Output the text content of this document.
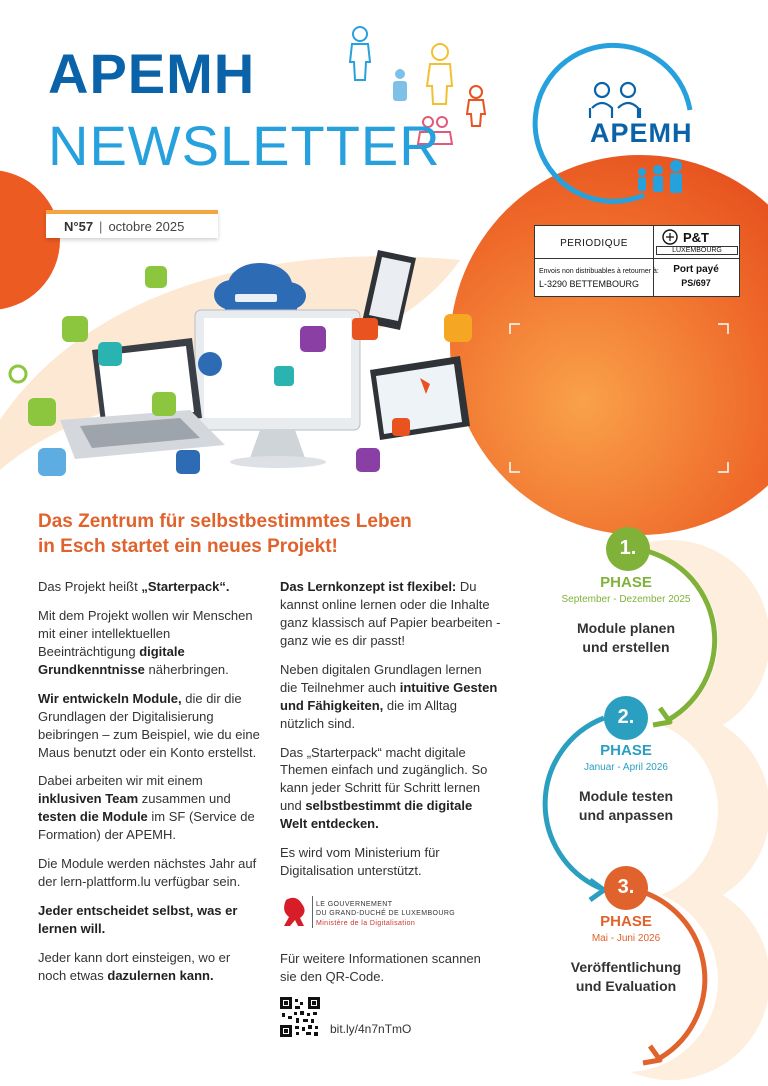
APEMH
NEWSLETTER	APEMH
N°57 | octobre 2025
PERIODIQUE
Envois non distribuables à retourner à:
L-3290 BETTEMBOURG
P&T
LUXEMBOURG
Port payé
PS/697
Das Zentrum für selbstbestimmtes Leben
in Esch startet ein neues Projekt!

Das Projekt heißt „Starterpack“.

Mit dem Projekt wollen wir Menschen mit einer intellektuellen Beeinträchtigung digitale Grundkenntnisse näherbringen.

Wir entwickeln Module, die dir die Grundlagen der Digitalisierung beibringen – zum Beispiel, wie du eine Maus benutzt oder ein Konto erstellst.

Dabei arbeiten wir mit einem inklusiven Team zusammen und testen die Module im SF (Service de Formation) der APEMH.

Die Module werden nächstes Jahr auf der lern-plattform.lu verfügbar sein.

Jeder entscheidet selbst, was er lernen will.

Jeder kann dort einsteigen, wo er noch etwas dazulernen kann.

Das Lernkonzept ist flexibel: Du kannst online lernen oder die Inhalte ganz klassisch auf Papier bearbeiten - ganz wie es dir passt!

Neben digitalen Grundlagen lernen die Teilnehmer auch intuitive Gesten und Fähigkeiten, die im Alltag nützlich sind.

Das „Starterpack“ macht digitale Themen einfach und zugänglich. So kann jeder Schritt für Schritt lernen und selbstbestimmt die digitale Welt entdecken.

Es wird vom Ministerium für Digitalisation unterstützt.

LE GOUVERNEMENT
DU GRAND-DUCHÉ DE LUXEMBOURG
Ministère de la Digitalisation
Für weitere Informationen scannen sie den QR-Code.
bit.ly/4n7nTmO
1.
2.
3.
PHASE
September - Dezember 2025
Module planen und erstellen
PHASE
Januar - April 2026
Module testen und anpassen
PHASE
Mai - Juni 2026
Veröffentlichung und Evaluation
